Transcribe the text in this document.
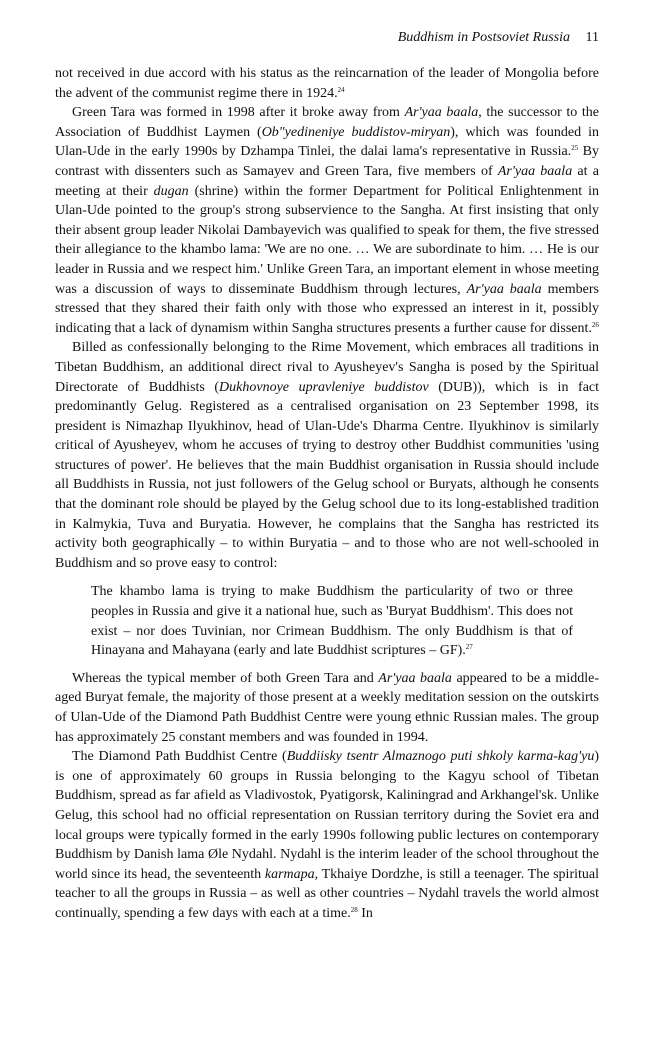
Buddhism in Postsoviet Russia 11

not received in due accord with his status as the reincarnation of the leader of Mongolia before the advent of the communist regime there in 1924.24

Green Tara was formed in 1998 after it broke away from Ar'yaa baala, the successor to the Association of Buddhist Laymen (Ob"yedineniye buddistov-miryan), which was founded in Ulan-Ude in the early 1990s by Dzhampa Tinlei, the dalai lama's representative in Russia.$^{25}$ By contrast with dissenters such as Samayev and Green Tara, five members of Ar'yaa baala at a meeting at their dugan (shrine) within the former Department for Political Enlightenment in Ulan-Ude pointed to the group's strong subservience to the Sangha. At first insisting that only their absent group leader Nikolai Dambayevich was qualified to speak for them, the five stressed their allegiance to the khambo lama: 'We are no one. … We are subordinate to him. … He is our leader in Russia and we respect him.' Unlike Green Tara, an important element in whose meeting was a discussion of ways to disseminate Buddhism through lectures, Ar'yaa baala members stressed that they shared their faith only with those who expressed an interest in it, possibly indicating that a lack of dynamism within Sangha structures presents a further cause for dissent.$^{26}$

Billed as confessionally belonging to the Rime Movement, which embraces all traditions in Tibetan Buddhism, an additional direct rival to Ayusheyev's Sangha is posed by the Spiritual Directorate of Buddhists (Dukhovnoye upravleniye buddistov (DUB)), which is in fact predominantly Gelug. Registered as a centralised organisation on 23 September 1998, its president is Nimazhap Ilyukhinov, head of Ulan-Ude's Dharma Centre. Ilyukhinov is similarly critical of Ayusheyev, whom he accuses of trying to destroy other Buddhist communities 'using structures of power'. He believes that the main Buddhist organisation in Russia should include all Buddhists in Russia, not just followers of the Gelug school or Buryats, although he consents that the dominant role should be played by the Gelug school due to its long-established tradition in Kalmykia, Tuva and Buryatia. However, he complains that the Sangha has restricted its activity both geographically – to within Buryatia – and to those who are not well-schooled in Buddhism and so prove easy to control:

The khambo lama is trying to make Buddhism the particularity of two or three peoples in Russia and give it a national hue, such as 'Buryat Buddhism'. This does not exist – nor does Tuvinian, nor Crimean Buddhism. The only Buddhism is that of Hinayana and Mahayana (early and late Buddhist scriptures – GF).$^{27}$

Whereas the typical member of both Green Tara and Ar'yaa baala appeared to be a middle-aged Buryat female, the majority of those present at a weekly meditation session on the outskirts of Ulan-Ude of the Diamond Path Buddhist Centre were young ethnic Russian males. The group has approximately 25 constant members and was founded in 1994.

The Diamond Path Buddhist Centre (Buddiisky tsentr Almaznogo puti shkoly karma-kag'yu) is one of approximately 60 groups in Russia belonging to the Kagyu school of Tibetan Buddhism, spread as far afield as Vladivostok, Pyatigorsk, Kaliningrad and Arkhangel'sk. Unlike Gelug, this school had no official representation on Russian territory during the Soviet era and local groups were typically formed in the early 1990s following public lectures on contemporary Buddhism by Danish lama Øle Nydahl. Nydahl is the interim leader of the school throughout the world since its head, the seventeenth karmapa, Tkhaiye Dordzhe, is still a teenager. The spiritual teacher to all the groups in Russia – as well as other countries – Nydahl travels the world almost continually, spending a few days with each at a time.$^{28}$ In
